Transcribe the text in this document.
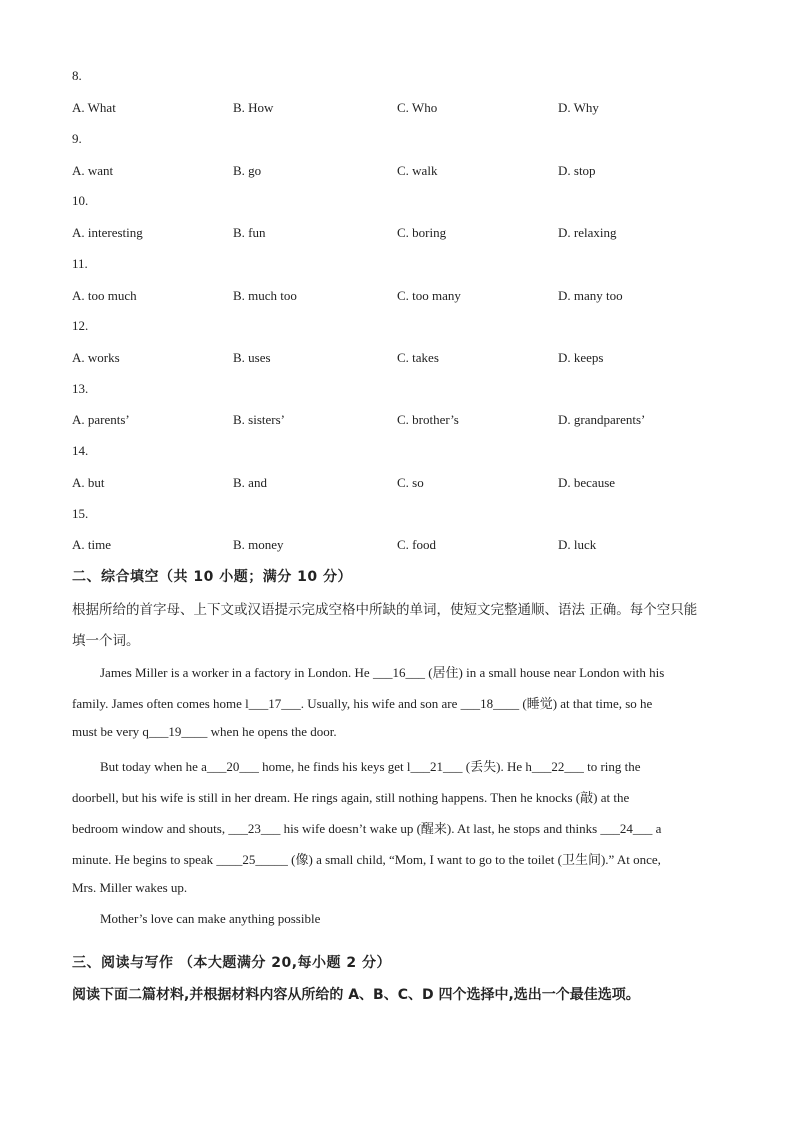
8.
A. What	B. How	C. Who	D. Why
9.
A. want	B. go	C. walk	D. stop
10.
A. interesting	B. fun	C. boring	D. relaxing
11.
A. too much	B. much too	C. too many	D. many too
12.
A. works	B. uses	C. takes	D. keeps
13.
A. parents’	B. sisters’	C. brother’s	D. grandparents’
14.
A. but	B. and	C. so	D. because
15.
A. time	B. money	C. food	D. luck
二、综合填空（共 10 小题；满分 10 分）
根据所给的首字母、上下文或汉语提示完成空格中所缺的单词，使短文完整通顺、语法 正确。每个空只能
填一个词。
James Miller is a worker in a factory in London. He ___16___ (居住) in a small house near London with his
family. James often comes home l___17___. Usually, his wife and son are ___18____ (睡觉) at that time, so he
must be very q___19____ when he opens the door.
But today when he a___20___ home, he finds his keys get l___21___ (丢失). He h___22___ to ring the
doorbell, but his wife is still in her dream. He rings again, still nothing happens. Then he knocks (敲) at the
bedroom window and shouts, ___23___ his wife doesn’t wake up (醒来). At last, he stops and thinks ___24___ a
minute. He begins to speak ____25_____ (像) a small child, “Mom, I want to go to the toilet (卫生间).” At once,
Mrs. Miller wakes up.
Mother’s love can make anything possible
三、阅读与写作 （本大题满分 20,每小题 2 分）
阅读下面二篇材料,并根据材料内容从所给的 A、B、C、D 四个选择中,选出一个最佳选项。
